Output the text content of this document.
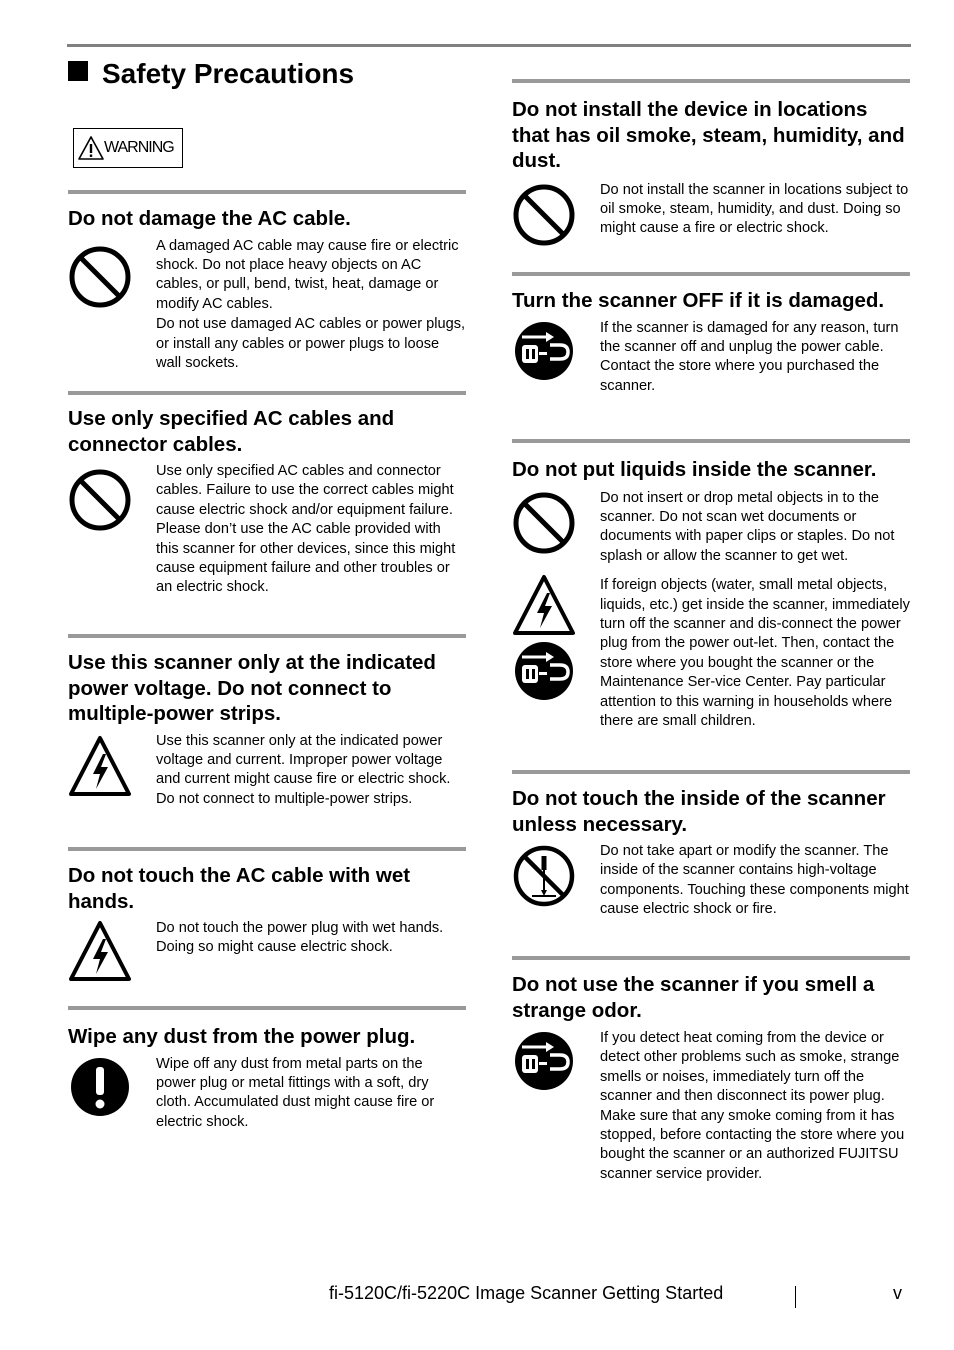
Safety Precautions
WARNING
Do not damage the AC cable.

A damaged AC cable may cause fire or electric shock. Do not place heavy objects on AC cables, or pull, bend, twist, heat, damage or modify AC cables.

Do not use damaged AC cables or power plugs, or install any cables or power plugs to loose wall sockets.

Use only specified AC cables and connector cables.

Use only specified AC cables and connector cables. Failure to use the correct cables might cause electric shock and/or equipment failure. Please don’t use the AC cable provided with this scanner for other devices, since this might cause equipment failure and other troubles or an electric shock.

Use this scanner only at the indicated power voltage. Do not connect to multiple-power strips.

Use this scanner only at the indicated power voltage and current. Improper power voltage and current might cause fire or electric shock. Do not connect to multiple-power strips.

Do not touch the AC cable with wet hands.

Do not touch the power plug with wet hands. Doing so might cause electric shock.

Wipe any dust from the power plug.

Wipe off any dust from metal parts on the power plug or metal fittings with a soft, dry cloth. Accumulated dust might cause fire or electric shock.

Do not install the device in locations that has oil smoke, steam, humidity, and dust.

Do not install the scanner in locations subject to oil smoke, steam, humidity, and dust. Doing so might cause a fire or electric shock.

Turn the scanner OFF if it is damaged.

If the scanner is damaged for any reason, turn the scanner off and unplug the power cable. Contact the store where you purchased the scanner.

Do not put liquids inside the scanner.

Do not insert or drop metal objects in to the scanner. Do not scan wet documents or documents with paper clips or staples. Do not splash or allow the scanner to get wet.

If foreign objects (water, small metal objects, liquids, etc.) get inside the scanner, immediately turn off the scanner and dis-connect the power plug from the power out-let. Then, contact the store where you bought the scanner or the Maintenance Ser-vice Center. Pay particular attention to this warning in households where there are small children.

Do not touch the inside of the scanner unless necessary.

Do not take apart or modify the scanner. The inside of the scanner contains high-voltage components. Touching these components might cause electric shock or fire.

Do not use the scanner if you smell a strange odor.

If you detect heat coming from the device or detect other problems such as smoke, strange smells or noises, immediately turn off the scanner and then disconnect its power plug. Make sure that any smoke coming from it has stopped, before contacting the store where you bought the scanner or an authorized FUJITSU scanner service provider.

fi-5120C/fi-5220C Image Scanner Getting Started	v
